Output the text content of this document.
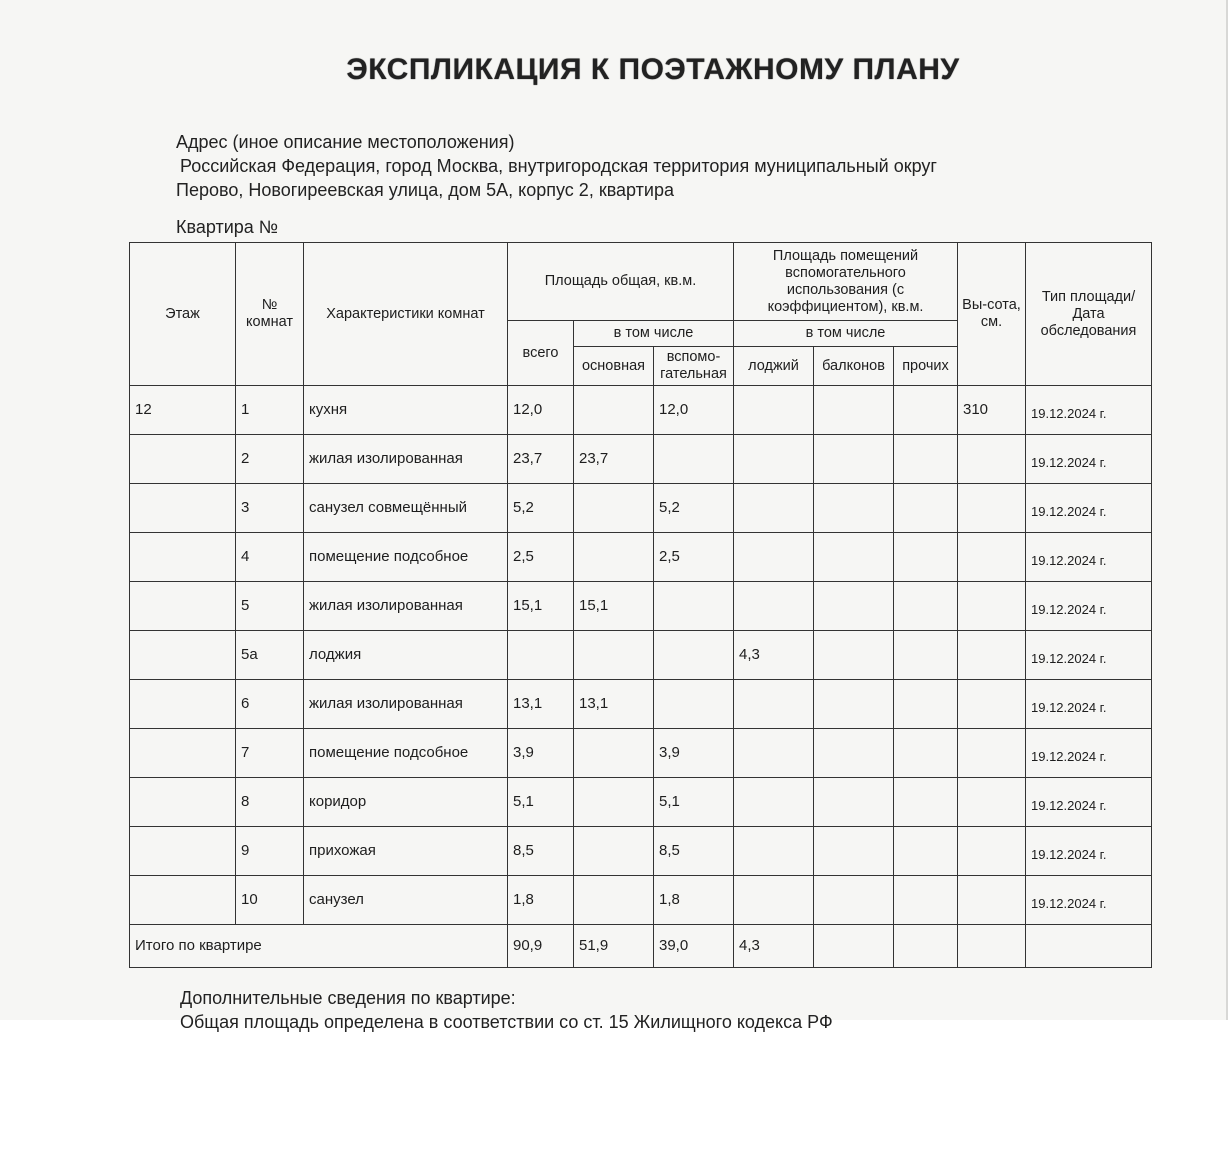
ЭКСПЛИКАЦИЯ К ПОЭТАЖНОМУ ПЛАНУ
Адрес (иное описание местоположения)
Российская Федерация, город Москва, внутригородская территория муниципальный округ
Перово, Новогиреевская улица, дом 5А, корпус 2, квартира
Квартира №
Этаж	№ комнат	Характеристики комнат	Площадь общая, кв.м.			Площадь помещений вспомогательного использования (с коэффициентом), кв.м.			Вы-сота, см.	Тип площади/ Дата обследования
			всего	в том числе		в том числе				
				основная	вспомо-гательная	лоджий	балконов	прочих		
12	1	кухня	12,0		12,0				310	19.12.2024 г.
	2	жилая изолированная	23,7	23,7						19.12.2024 г.
	3	санузел совмещённый	5,2		5,2					19.12.2024 г.
	4	помещение подсобное	2,5		2,5					19.12.2024 г.
	5	жилая изолированная	15,1	15,1						19.12.2024 г.
	5а	лоджия				4,3				19.12.2024 г.
	6	жилая изолированная	13,1	13,1						19.12.2024 г.
	7	помещение подсобное	3,9		3,9					19.12.2024 г.
	8	коридор	5,1		5,1					19.12.2024 г.
	9	прихожая	8,5		8,5					19.12.2024 г.
	10	санузел	1,8		1,8					19.12.2024 г.
Итого по квартире			90,9	51,9	39,0	4,3				
Дополнительные сведения по квартире:
Общая площадь определена в соответствии со ст. 15 Жилищного кодекса РФ
